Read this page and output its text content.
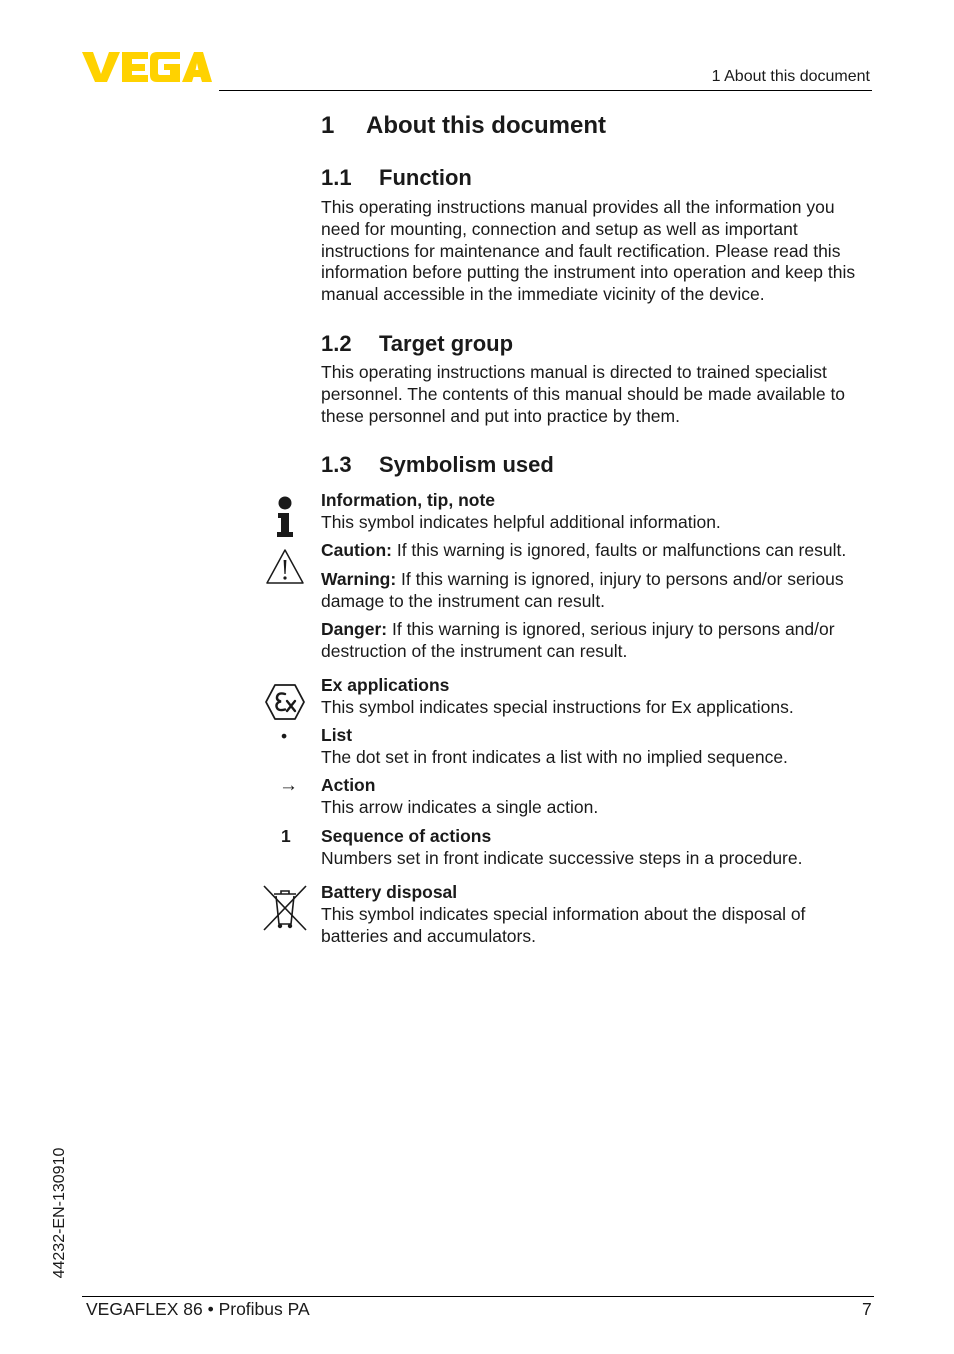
1 About this document
1 About this document
1.1 Function

This operating instructions manual provides all the information you need for mounting, connection and setup as well as important instructions for maintenance and fault rectification. Please read this information before putting the instrument into operation and keep this manual accessible in the immediate vicinity of the device.

1.2 Target group

This operating instructions manual is directed to trained specialist personnel. The contents of this manual should be made available to these personnel and put into practice by them.

1.3 Symbolism used
Information, tip, note
This symbol indicates helpful additional information.
Caution: If this warning is ignored, faults or malfunctions can result.
Warning: If this warning is ignored, injury to persons and/or serious damage to the instrument can result.
Danger: If this warning is ignored, serious injury to persons and/or destruction of the instrument can result.
Ex applications
This symbol indicates special instructions for Ex applications.
• List
The dot set in front indicates a list with no implied sequence.
→ Action
This arrow indicates a single action.
1 Sequence of actions
Numbers set in front indicate successive steps in a procedure.
Battery disposal
This symbol indicates special information about the disposal of batteries and accumulators.
44232-EN-130910
VEGAFLEX 86 • Profibus PA	7
